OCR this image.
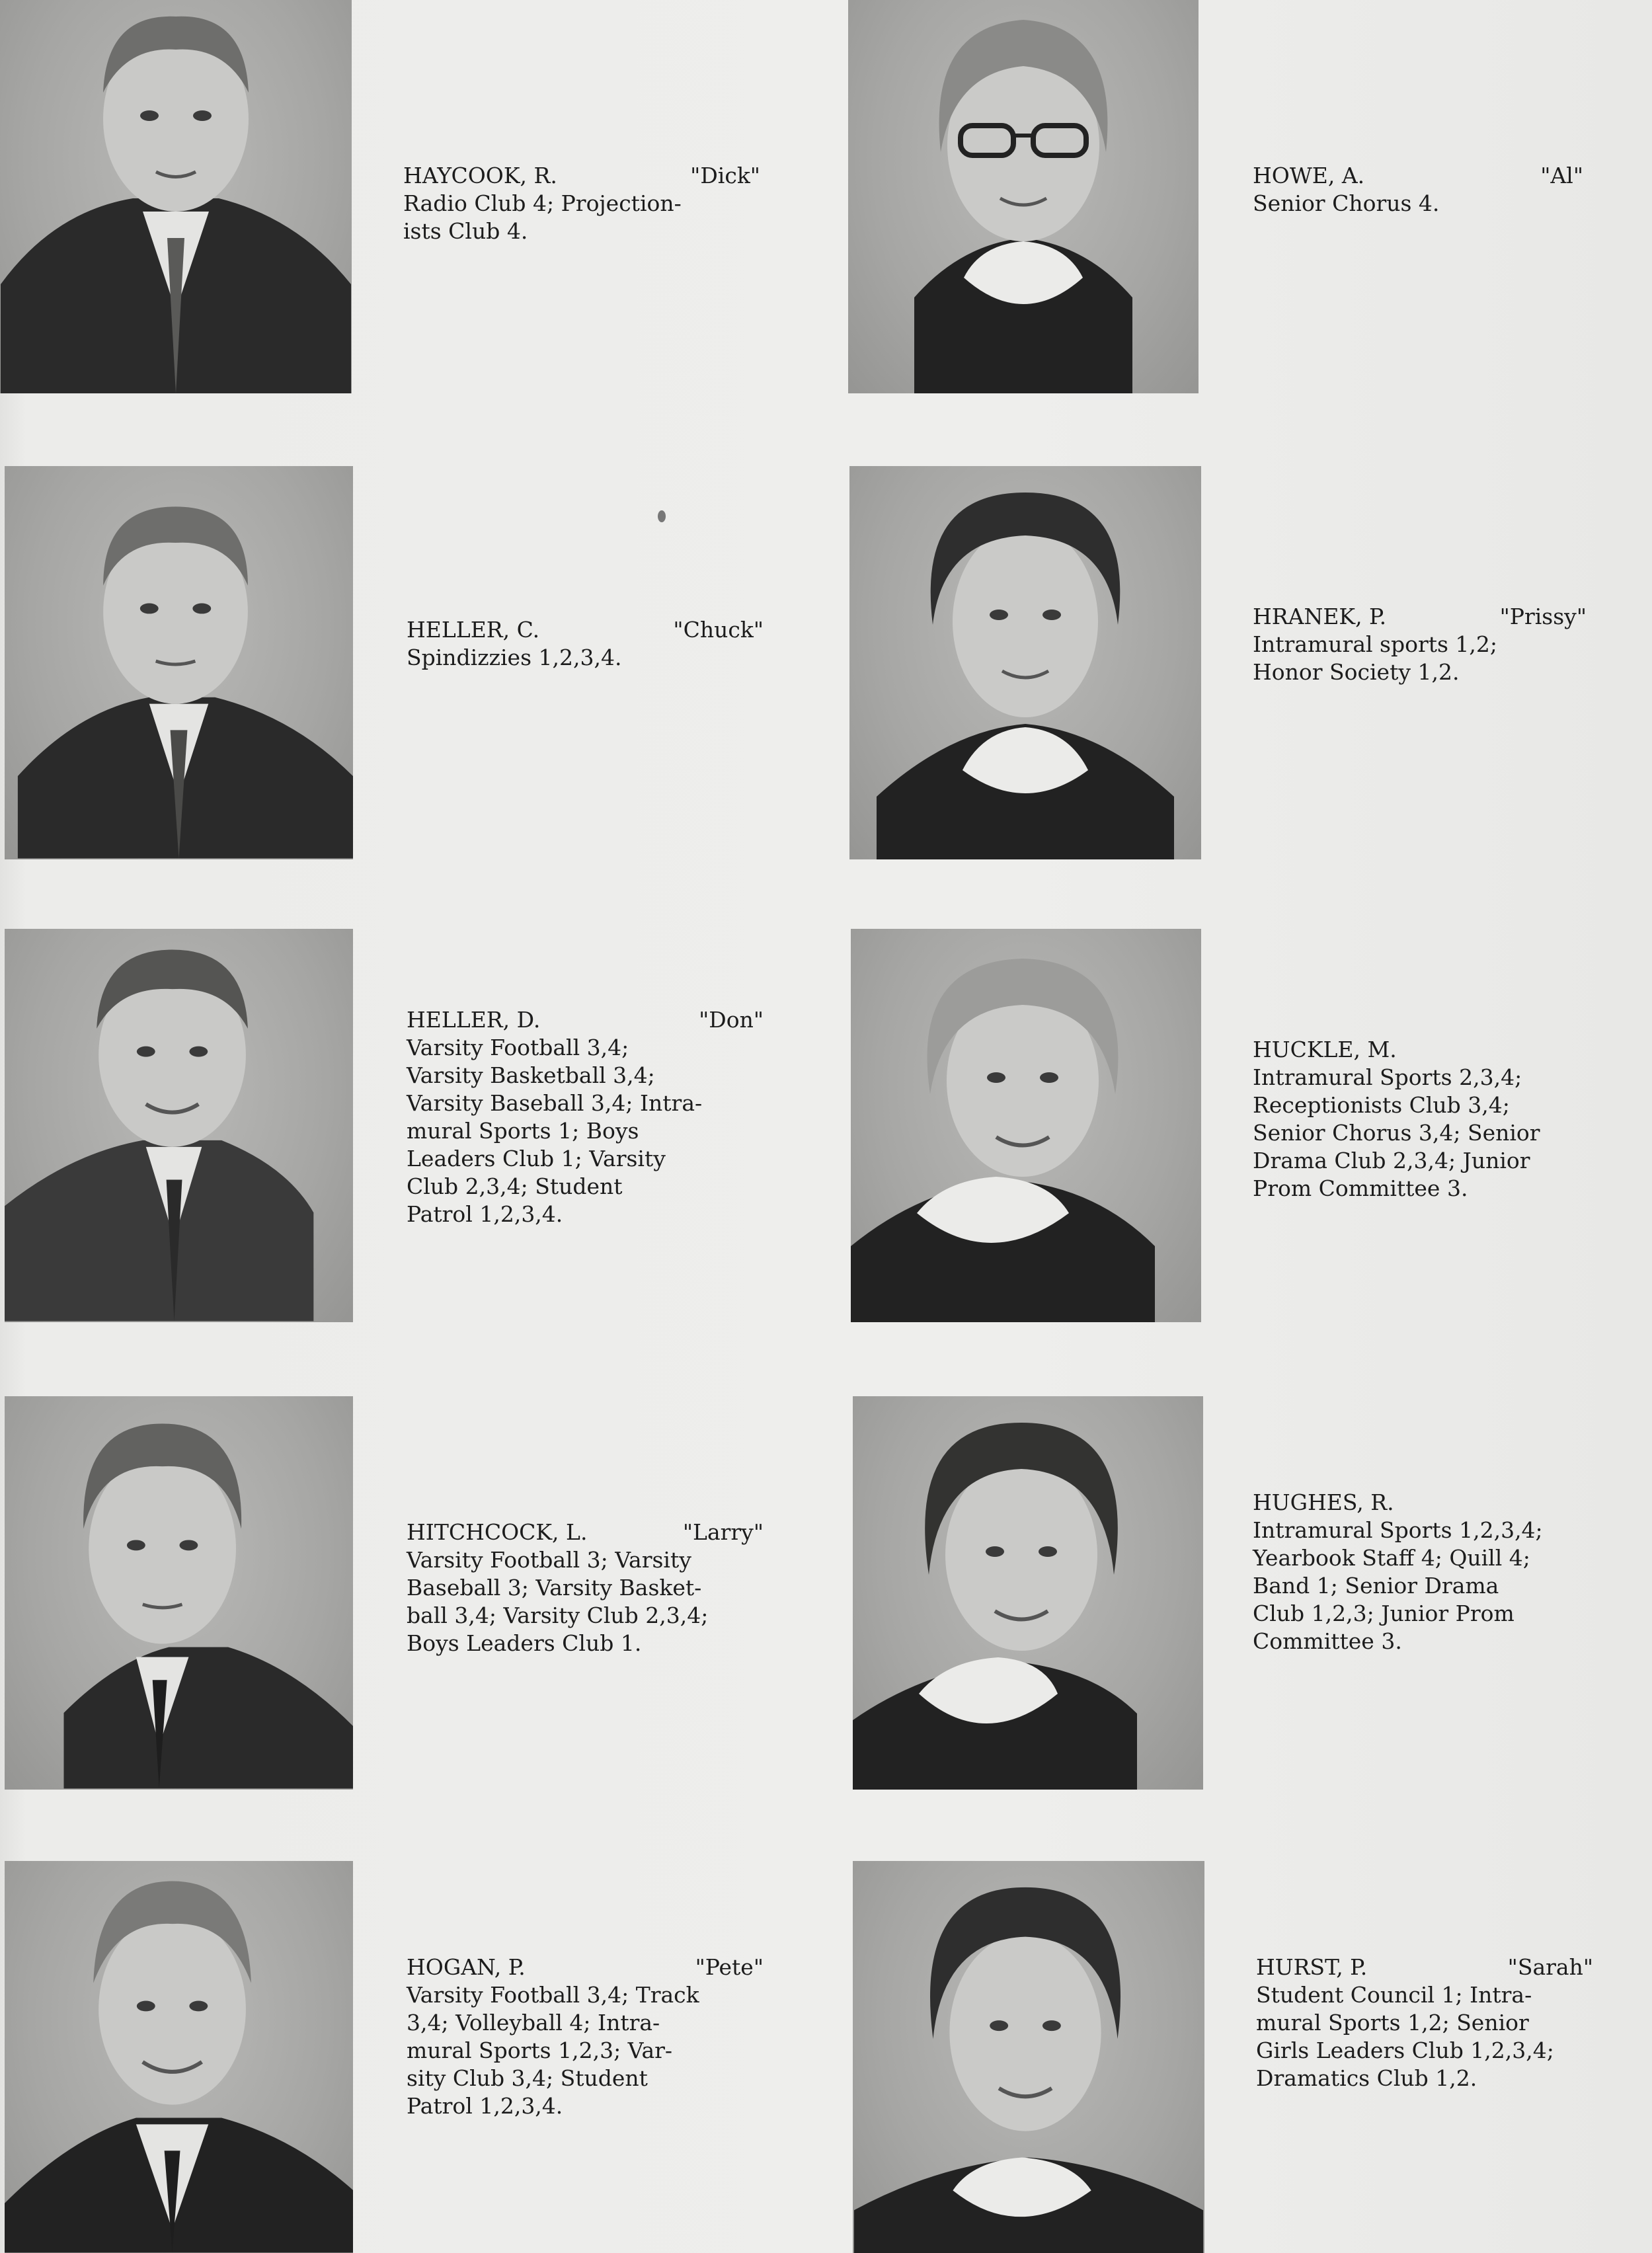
HAYCOOK, R.	"Dick"
Radio Club 4; Projection-
ists Club 4.
HOWE, A.	"Al"
Senior Chorus 4.
HELLER, C.	"Chuck"
Spindizzies 1,2,3,4.
HRANEK, P.	"Prissy"
Intramural sports 1,2;
Honor Society 1,2.
HELLER, D.	"Don"
Varsity Football 3,4;
Varsity Basketball 3,4;
Varsity Baseball 3,4; Intra-
mural Sports 1; Boys
Leaders Club 1; Varsity
Club 2,3,4; Student
Patrol 1,2,3,4.
HUCKLE, M.
Intramural Sports 2,3,4;
Receptionists Club 3,4;
Senior Chorus 3,4; Senior
Drama Club 2,3,4; Junior
Prom Committee 3.
HITCHCOCK, L.	"Larry"
Varsity Football 3; Varsity
Baseball 3; Varsity Basket-
ball 3,4; Varsity Club 2,3,4;
Boys Leaders Club 1.
HUGHES, R.
Intramural Sports 1,2,3,4;
Yearbook Staff 4; Quill 4;
Band 1; Senior Drama
Club 1,2,3; Junior Prom
Committee 3.
HOGAN, P.	"Pete"
Varsity Football 3,4; Track
3,4; Volleyball 4; Intra-
mural Sports 1,2,3; Var-
sity Club 3,4; Student
Patrol 1,2,3,4.
HURST, P.	"Sarah"
Student Council 1; Intra-
mural Sports 1,2; Senior
Girls Leaders Club 1,2,3,4;
Dramatics Club 1,2.
